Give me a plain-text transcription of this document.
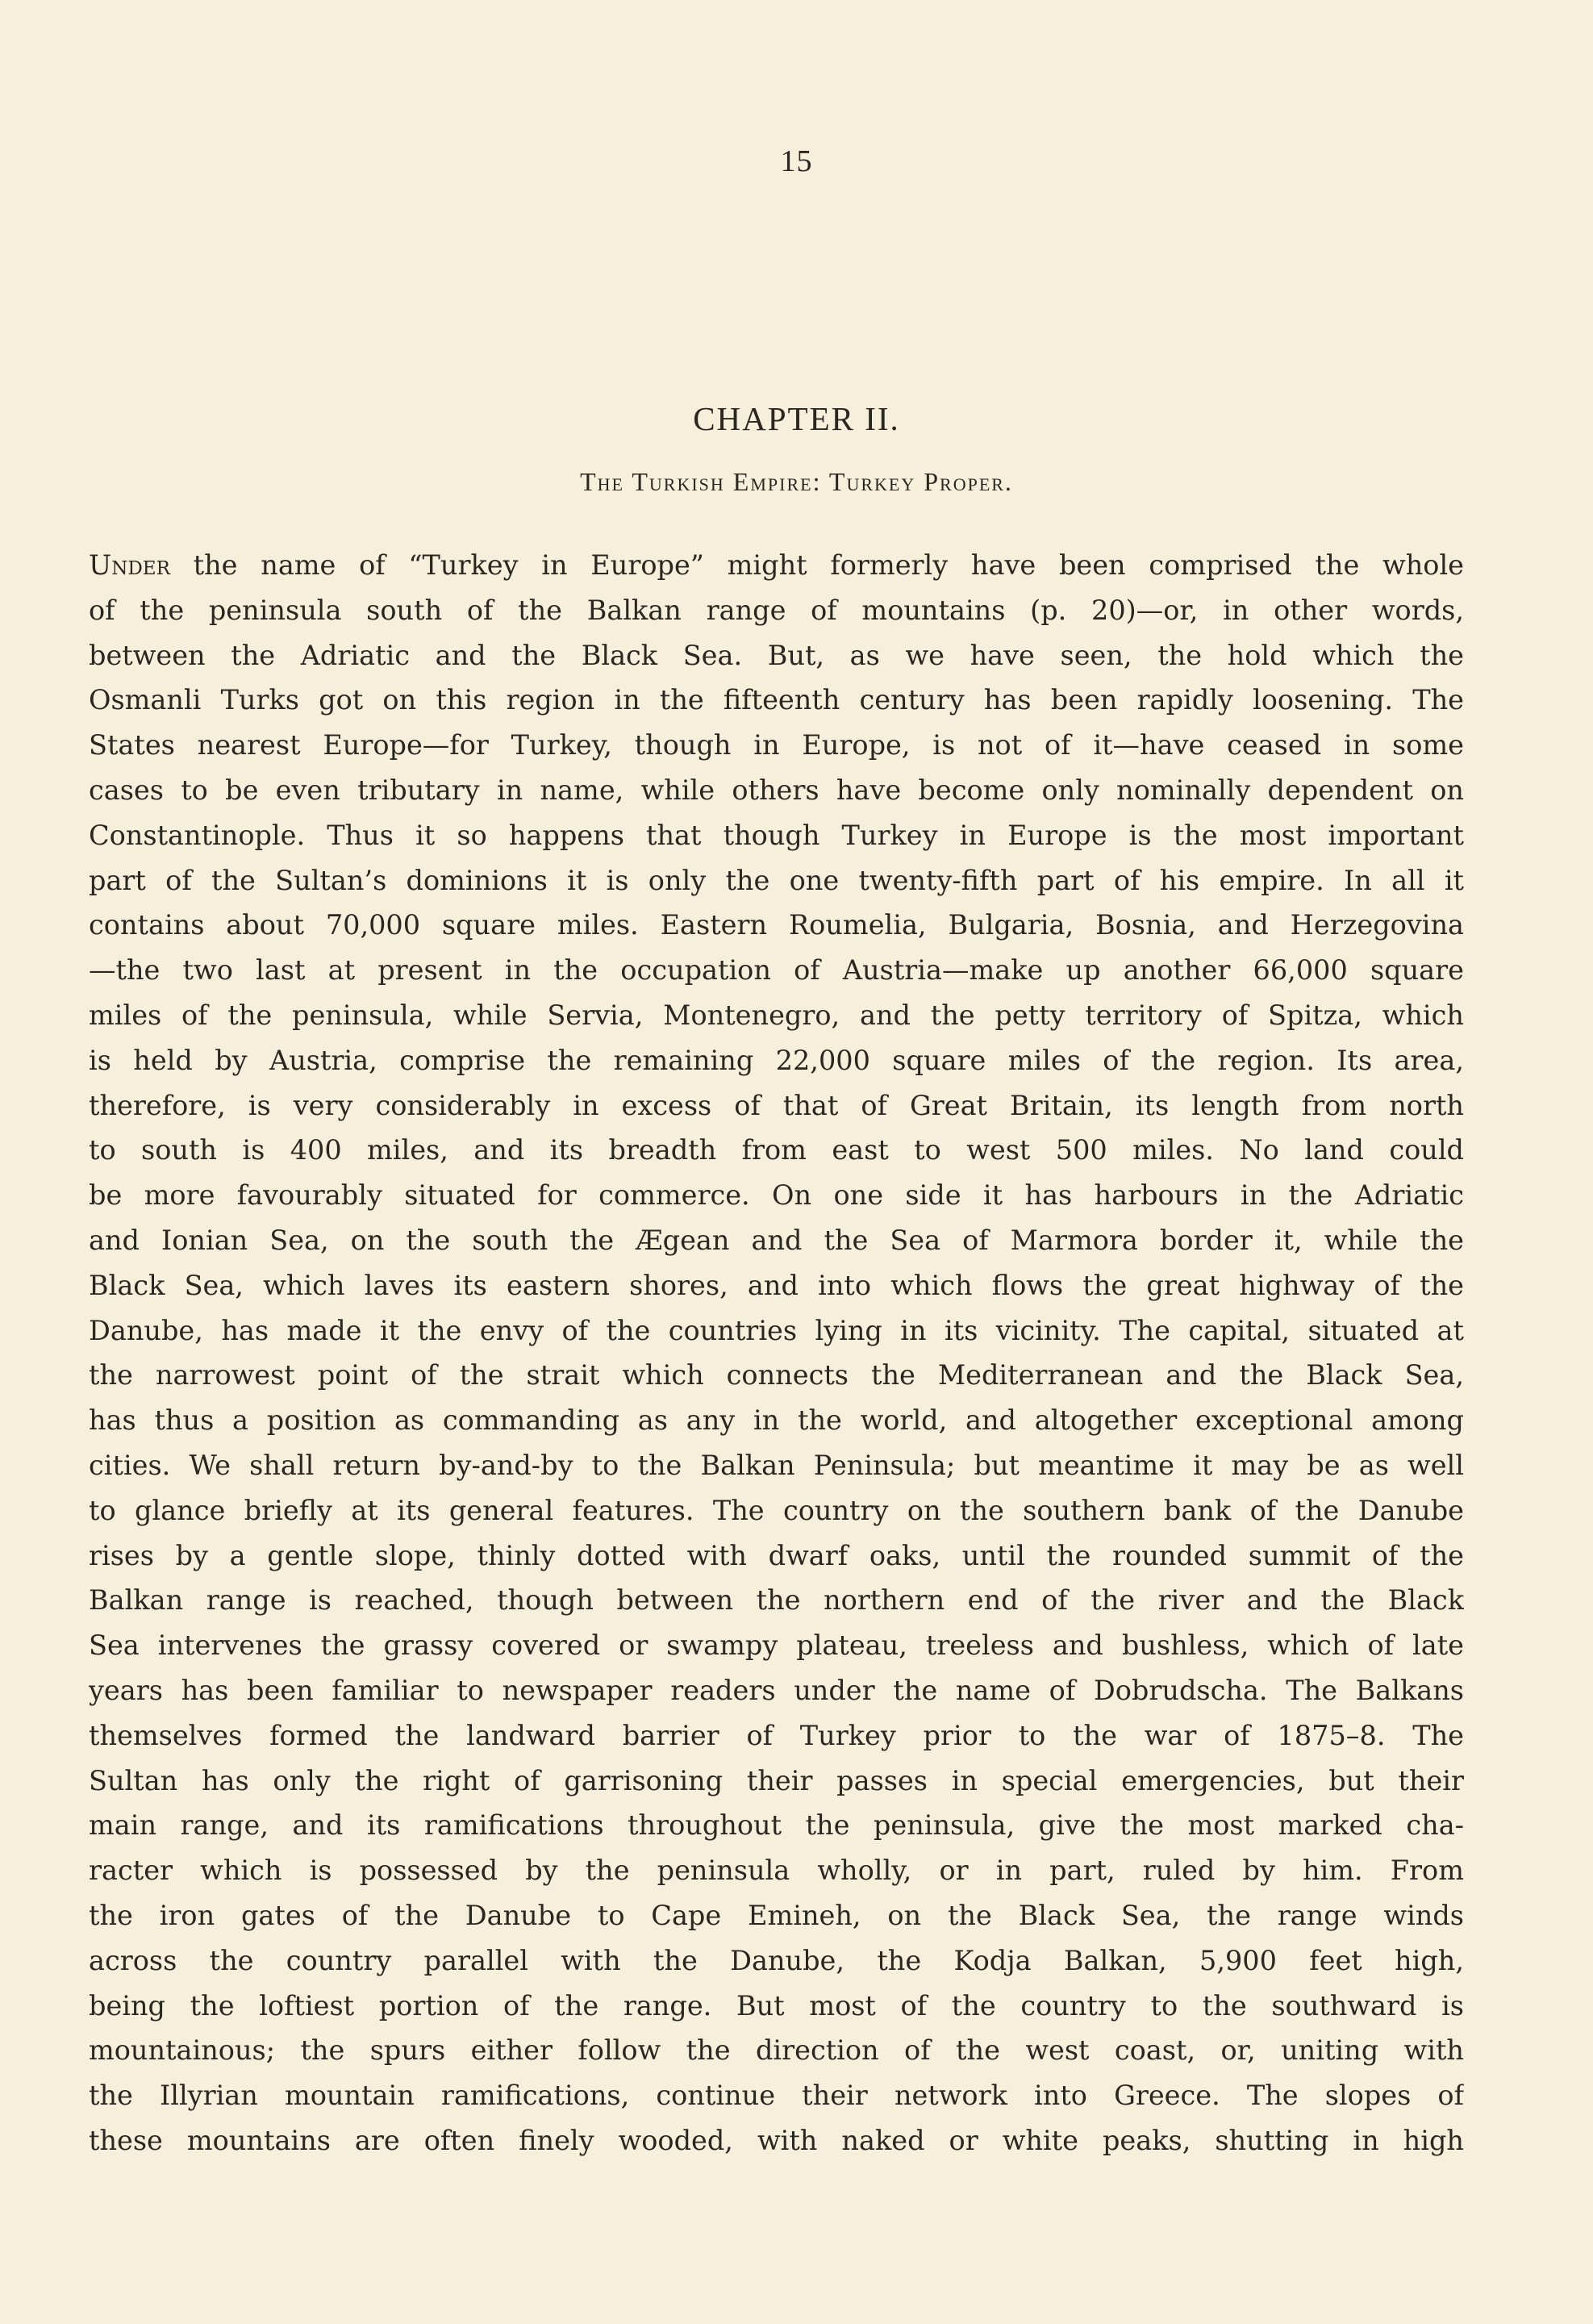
15
CHAPTER II.
The Turkish Empire: Turkey Proper.
Under the name of “Turkey in Europe” might formerly have been comprised the whole
of the peninsula south of the Balkan range of mountains (p. 20)—or, in other words,
between the Adriatic and the Black Sea. But, as we have seen, the hold which the
Osmanli Turks got on this region in the fifteenth century has been rapidly loosening. The
States nearest Europe—for Turkey, though in Europe, is not of it—have ceased in some
cases to be even tributary in name, while others have become only nominally dependent on
Constantinople. Thus it so happens that though Turkey in Europe is the most important
part of the Sultan’s dominions it is only the one twenty-fifth part of his empire. In all it
contains about 70,000 square miles. Eastern Roumelia, Bulgaria, Bosnia, and Herzegovina
—the two last at present in the occupation of Austria—make up another 66,000 square
miles of the peninsula, while Servia, Montenegro, and the petty territory of Spitza, which
is held by Austria, comprise the remaining 22,000 square miles of the region. Its area,
therefore, is very considerably in excess of that of Great Britain, its length from north
to south is 400 miles, and its breadth from east to west 500 miles. No land could
be more favourably situated for commerce. On one side it has harbours in the Adriatic
and Ionian Sea, on the south the Ægean and the Sea of Marmora border it, while the
Black Sea, which laves its eastern shores, and into which flows the great highway of the
Danube, has made it the envy of the countries lying in its vicinity. The capital, situated at
the narrowest point of the strait which connects the Mediterranean and the Black Sea,
has thus a position as commanding as any in the world, and altogether exceptional among
cities. We shall return by-and-by to the Balkan Peninsula; but meantime it may be as well
to glance briefly at its general features. The country on the southern bank of the Danube
rises by a gentle slope, thinly dotted with dwarf oaks, until the rounded summit of the
Balkan range is reached, though between the northern end of the river and the Black
Sea intervenes the grassy covered or swampy plateau, treeless and bushless, which of late
years has been familiar to newspaper readers under the name of Dobrudscha. The Balkans
themselves formed the landward barrier of Turkey prior to the war of 1875–8. The
Sultan has only the right of garrisoning their passes in special emergencies, but their
main range, and its ramifications throughout the peninsula, give the most marked cha-
racter which is possessed by the peninsula wholly, or in part, ruled by him. From
the iron gates of the Danube to Cape Emineh, on the Black Sea, the range winds
across the country parallel with the Danube, the Kodja Balkan, 5,900 feet high,
being the loftiest portion of the range. But most of the country to the southward is
mountainous; the spurs either follow the direction of the west coast, or, uniting with
the Illyrian mountain ramifications, continue their network into Greece. The slopes of
these mountains are often finely wooded, with naked or white peaks, shutting in high
